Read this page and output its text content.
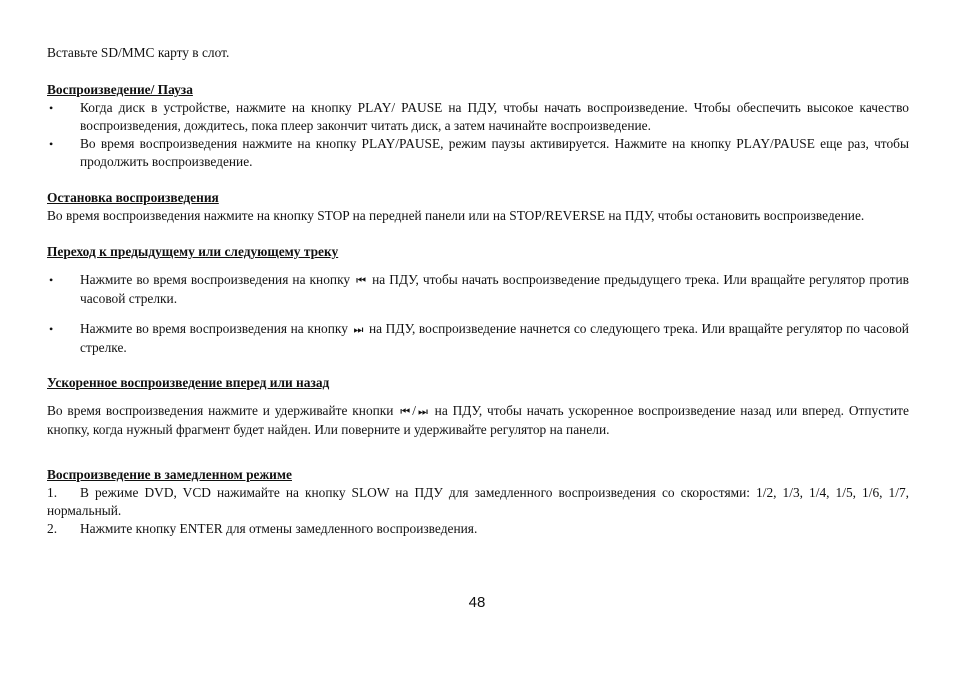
Вставьте SD/MMC карту в слот.

Воспроизведение/ Пауза

• Когда диск в устройстве, нажмите на кнопку PLAY/ PAUSE на ПДУ, чтобы начать воспроизведение. Чтобы обеспечить высокое качество воспроизведения, дождитесь, пока плеер закончит читать диск, а затем начинайте воспроизведение.
• Во время воспроизведения нажмите на кнопку PLAY/PAUSE, режим паузы активируется. Нажмите на кнопку PLAY/PAUSE еще раз, чтобы продолжить воспроизведение.

Остановка воспроизведения

Во время воспроизведения нажмите на кнопку STOP на передней панели или на STOP/REVERSE на ПДУ, чтобы остановить воспроизведение.

Переход к предыдущему или следующему треку

• Нажмите во время воспроизведения на кнопку ⏮ на ПДУ, чтобы начать воспроизведение предыдущего трека. Или вращайте регулятор против часовой стрелки.
• Нажмите во время воспроизведения на кнопку ⏭ на ПДУ, воспроизведение начнется со следующего трека. Или вращайте регулятор по часовой стрелке.

Ускоренное воспроизведение вперед или назад

Во время воспроизведения нажмите и удерживайте кнопки ⏮ / ⏭ на ПДУ, чтобы начать ускоренное воспроизведение назад или вперед. Отпустите кнопку, когда нужный фрагмент будет найден. Или поверните и удерживайте регулятор на панели.

Воспроизведение в замедленном режиме

1. В режиме DVD, VCD нажимайте на кнопку SLOW на ПДУ для замедленного воспроизведения со скоростями: 1/2, 1/3, 1/4, 1/5, 1/6, 1/7, нормальный.

2. Нажмите кнопку ENTER для отмены замедленного воспроизведения.

48
